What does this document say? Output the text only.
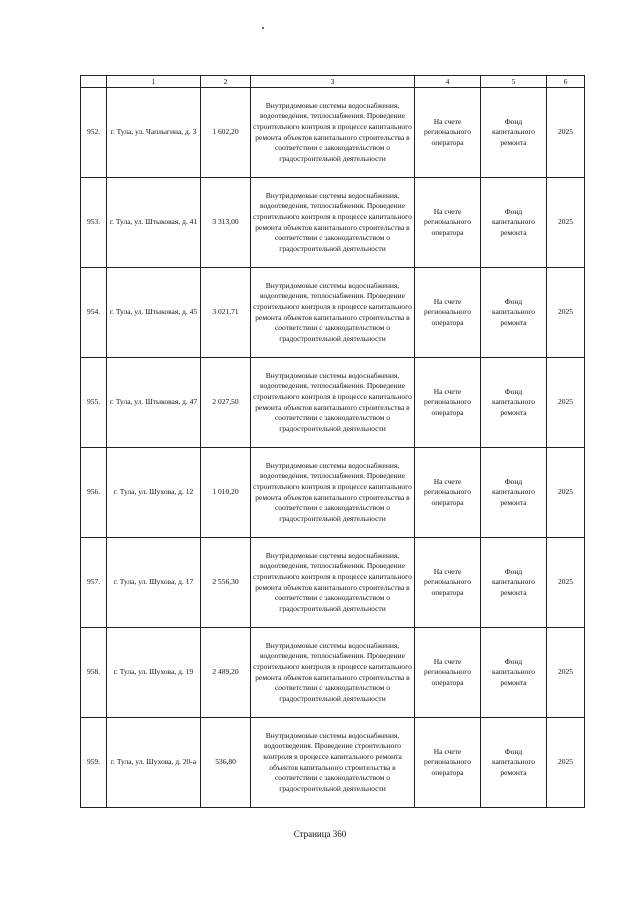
	1	2	3	4	5	6
952.	г. Тула, ул. Чаплыгина, д. 3	1 602,20	Внутридомовые системы водоснабжения, водоотведения, теплоснабжения. Проведение строительного контроля в процессе капитального ремонта объектов капитального строительства в соответствии с законодательством о градостроительной деятельности	На счете регионального оператора	Фонд капитального ремонта	2025
953.	г. Тула, ул. Штыковая, д. 41	3 313,00	Внутридомовые системы водоснабжения, водоотведения, теплоснабжения. Проведение строительного контроля в процессе капитального ремонта объектов капитального строительства в соответствии с законодательством о градостроительной деятельности	На счете регионального оператора	Фонд капитального ремонта	2025
954.	г. Тула, ул. Штыковая, д. 45	3 021,71	Внутридомовые системы водоснабжения, водоотведения, теплоснабжения. Проведение строительного контроля в процессе капитального ремонта объектов капитального строительства в соответствии с законодательством о градостроительной деятельности	На счете регионального оператора	Фонд капитального ремонта	2025
955.	г. Тула, ул. Штыковая, д. 47	2 027,50	Внутридомовые системы водоснабжения, водоотведения, теплоснабжения. Проведение строительного контроля в процессе капитального ремонта объектов капитального строительства в соответствии с законодательством о градостроительной деятельности	На счете регионального оператора	Фонд капитального ремонта	2025
956.	г. Тула, ул. Шухова, д. 12	1 010,20	Внутридомовые системы водоснабжения, водоотведения, теплоснабжения. Проведение строительного контроля в процессе капитального ремонта объектов капитального строительства в соответствии с законодательством о градостроительной деятельности	На счете регионального оператора	Фонд капитального ремонта	2025
957.	г. Тула, ул. Шухова, д. 17	2 556,30	Внутридомовые системы водоснабжения, водоотведения, теплоснабжения. Проведение строительного контроля в процессе капитального ремонта объектов капитального строительства в соответствии с законодательством о градостроительной деятельности	На счете регионального оператора	Фонд капитального ремонта	2025
958.	г. Тула, ул. Шухова, д. 19	2 489,20	Внутридомовые системы водоснабжения, водоотведения, теплоснабжения. Проведение строительного контроля в процессе капитального ремонта объектов капитального строительства в соответствии с законодательством о градостроительной деятельности	На счете регионального оператора	Фонд капитального ремонта	2025
959.	г. Тула, ул. Шухова, д. 20-а	536,80	Внутридомовые системы водоснабжения, водоотведения. Проведение строительного контроля в процессе капитального ремонта объектов капитального строительства в соответствии с законодательством о градостроительной деятельности	На счете регионального оператора	Фонд капитального ремонта	2025
Страница 360
